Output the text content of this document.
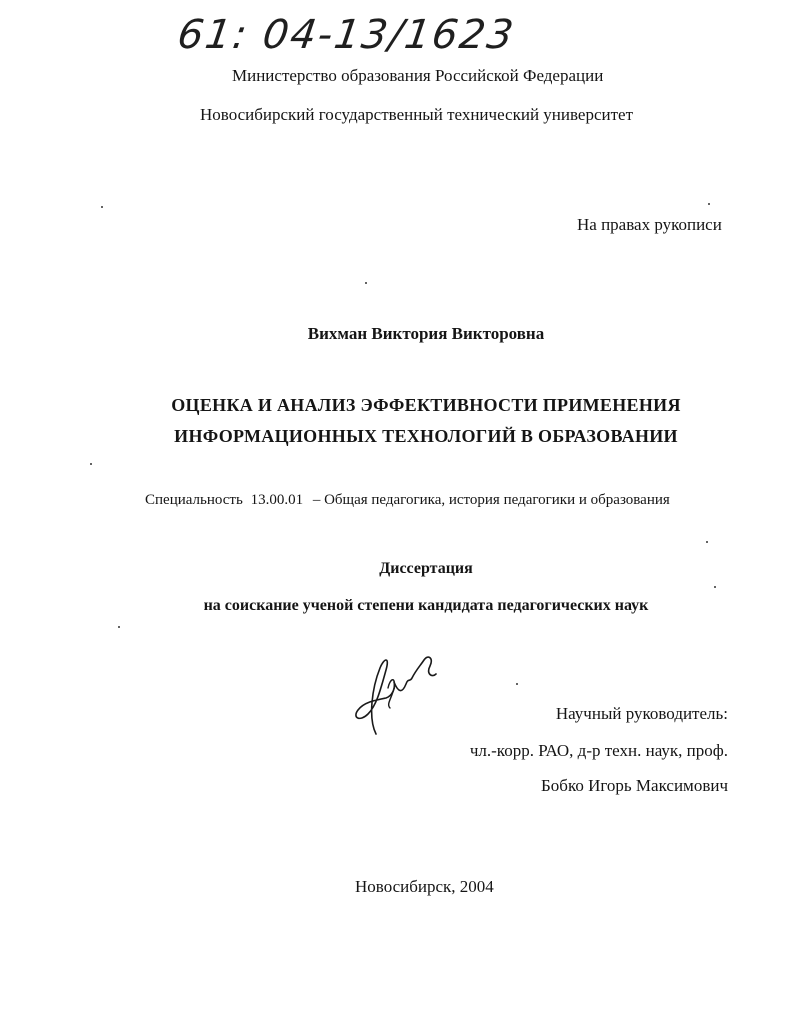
61: 04-13/1623
Министерство образования Российской Федерации
Новосибирский государственный технический университет
На правах рукописи
Вихман Виктория Викторовна
ОЦЕНКА И АНАЛИЗ ЭФФЕКТИВНОСТИ ПРИМЕНЕНИЯ
ИНФОРМАЦИОННЫХ ТЕХНОЛОГИЙ В ОБРАЗОВАНИИ
Специальность 13.00.01 – Общая педагогика, история педагогики и образования
Диссертация
на соискание ученой степени кандидата педагогических наук
Научный руководитель:
чл.-корр. РАО, д-р техн. наук, проф.
Бобко Игорь Максимович
Новосибирск, 2004
